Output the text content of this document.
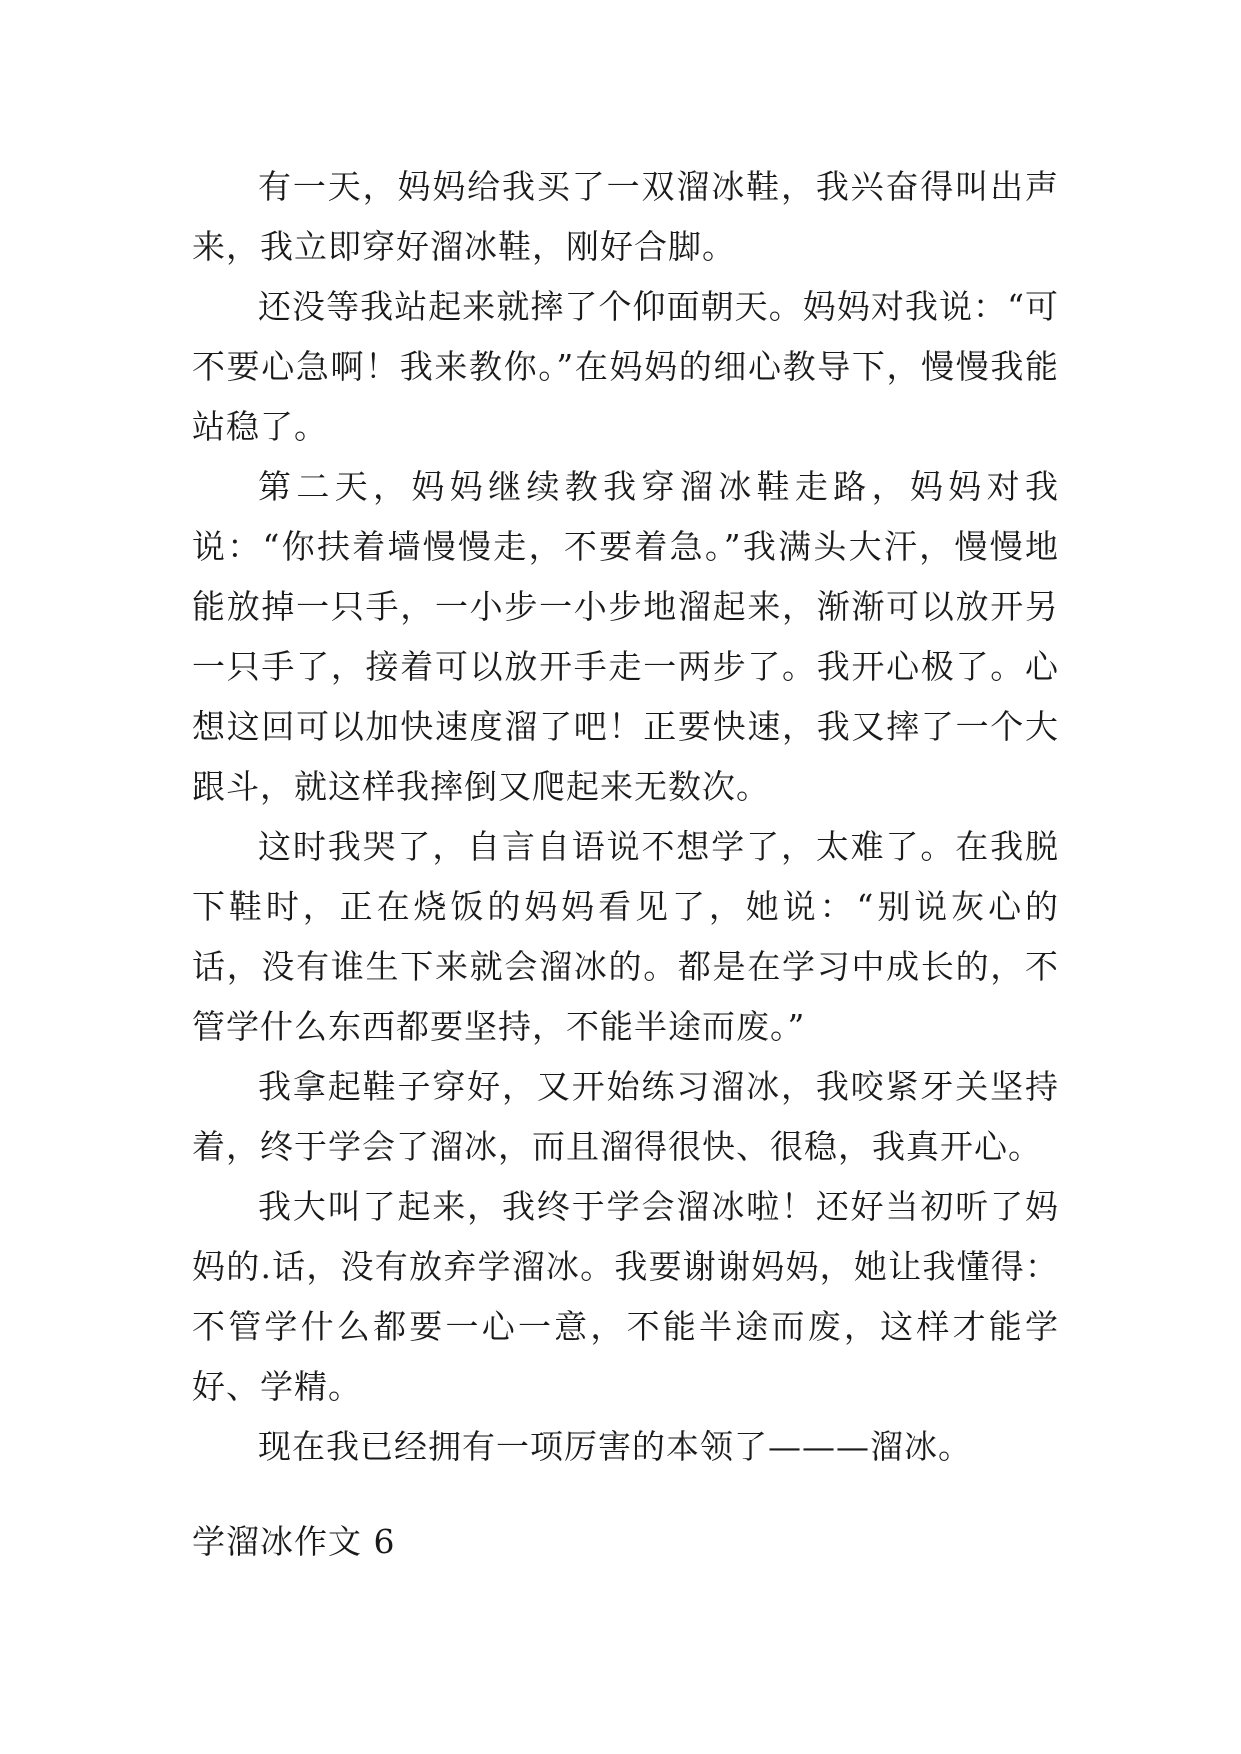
有一天，妈妈给我买了一双溜冰鞋，我兴奋得叫出声来，我立即穿好溜冰鞋，刚好合脚。

还没等我站起来就摔了个仰面朝天。妈妈对我说：“可不要心急啊！我来教你。”在妈妈的细心教导下，慢慢我能站稳了。

第二天，妈妈继续教我穿溜冰鞋走路，妈妈对我说：“你扶着墙慢慢走，不要着急。”我满头大汗，慢慢地能放掉一只手，一小步一小步地溜起来，渐渐可以放开另一只手了，接着可以放开手走一两步了。我开心极了。心想这回可以加快速度溜了吧！正要快速，我又摔了一个大跟斗，就这样我摔倒又爬起来无数次。

这时我哭了，自言自语说不想学了，太难了。在我脱下鞋时，正在烧饭的妈妈看见了，她说：“别说灰心的话，没有谁生下来就会溜冰的。都是在学习中成长的，不管学什么东西都要坚持，不能半途而废。”

我拿起鞋子穿好，又开始练习溜冰，我咬紧牙关坚持着，终于学会了溜冰，而且溜得很快、很稳，我真开心。

我大叫了起来，我终于学会溜冰啦！还好当初听了妈妈的.话，没有放弃学溜冰。我要谢谢妈妈，她让我懂得：不管学什么都要一心一意，不能半途而废，这样才能学好、学精。

现在我已经拥有一项厉害的本领了———溜冰。

学溜冰作文 6
